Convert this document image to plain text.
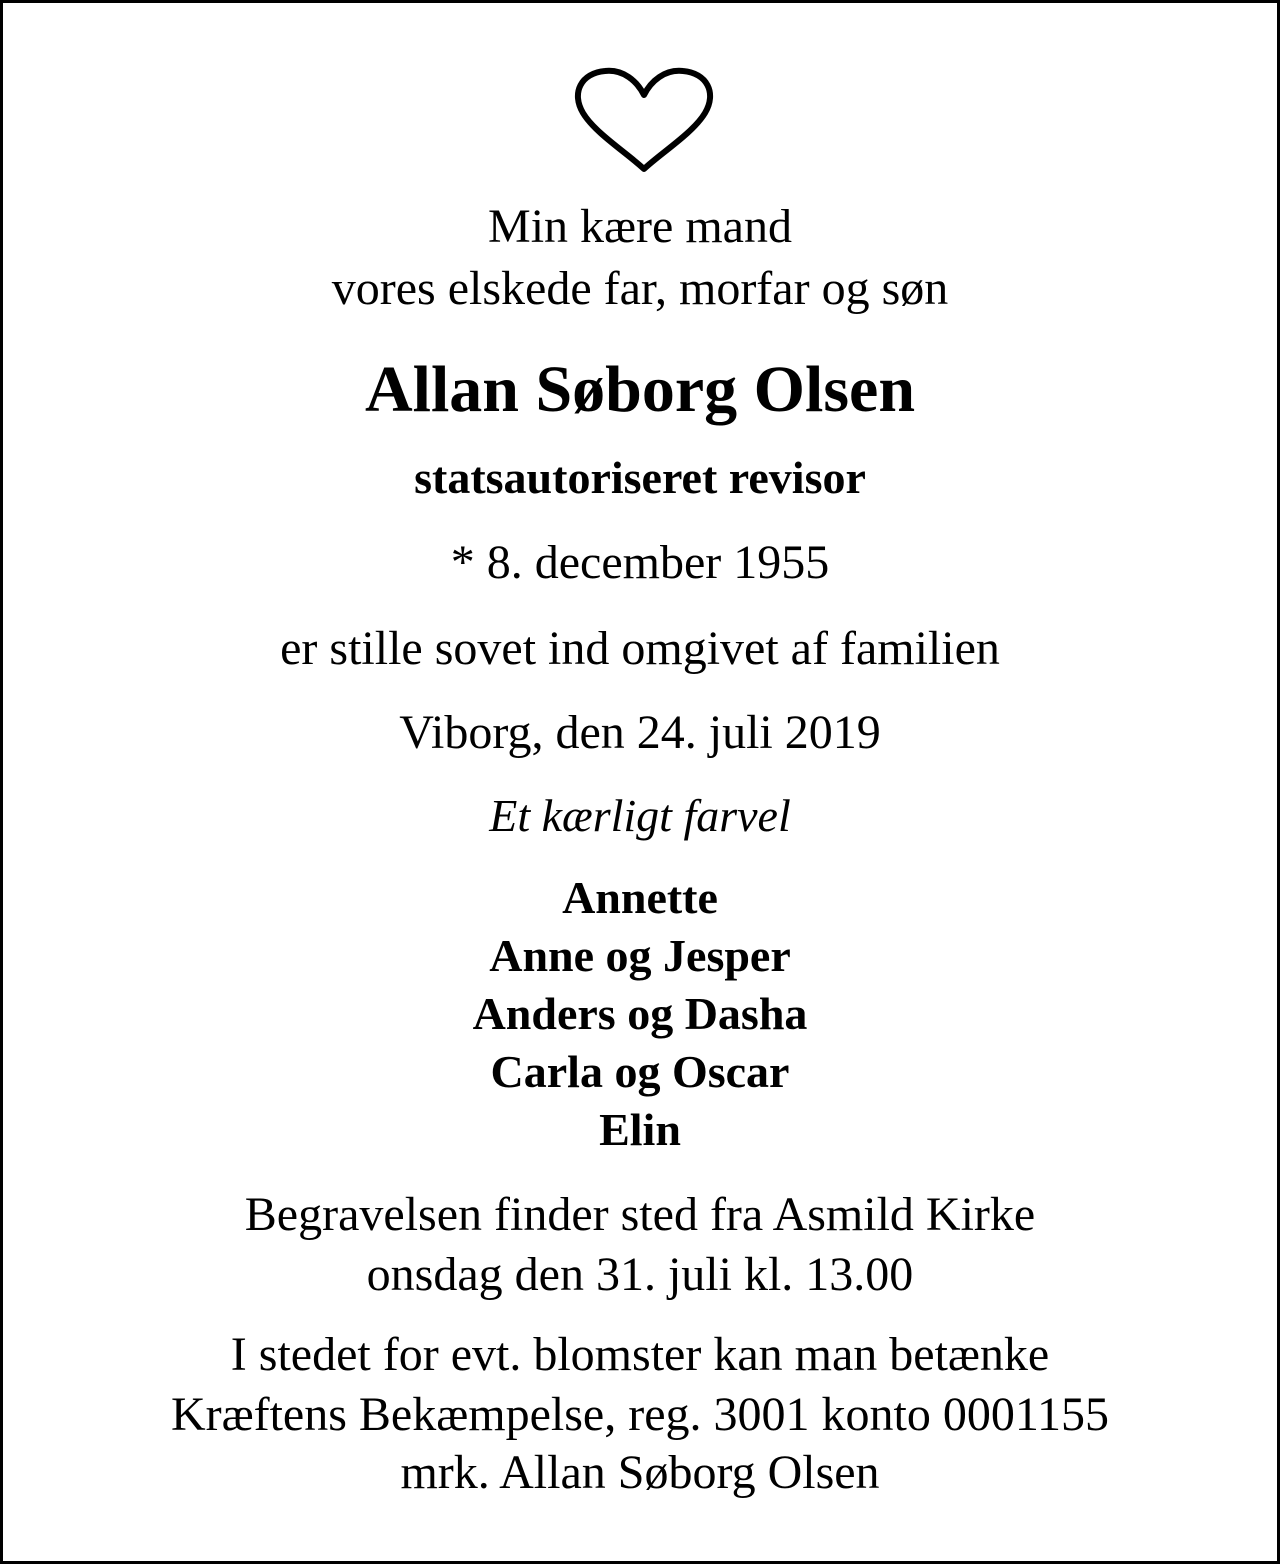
Min kære mand
vores elskede far, morfar og søn
Allan Søborg Olsen
statsautoriseret revisor
* 8. december 1955
er stille sovet ind omgivet af familien
Viborg, den 24. juli 2019
Et kærligt farvel
Annette
Anne og Jesper
Anders og Dasha
Carla og Oscar
Elin
Begravelsen finder sted fra Asmild Kirke
onsdag den 31. juli kl. 13.00
I stedet for evt. blomster kan man betænke
Kræftens Bekæmpelse, reg. 3001 konto 0001155
mrk. Allan Søborg Olsen
